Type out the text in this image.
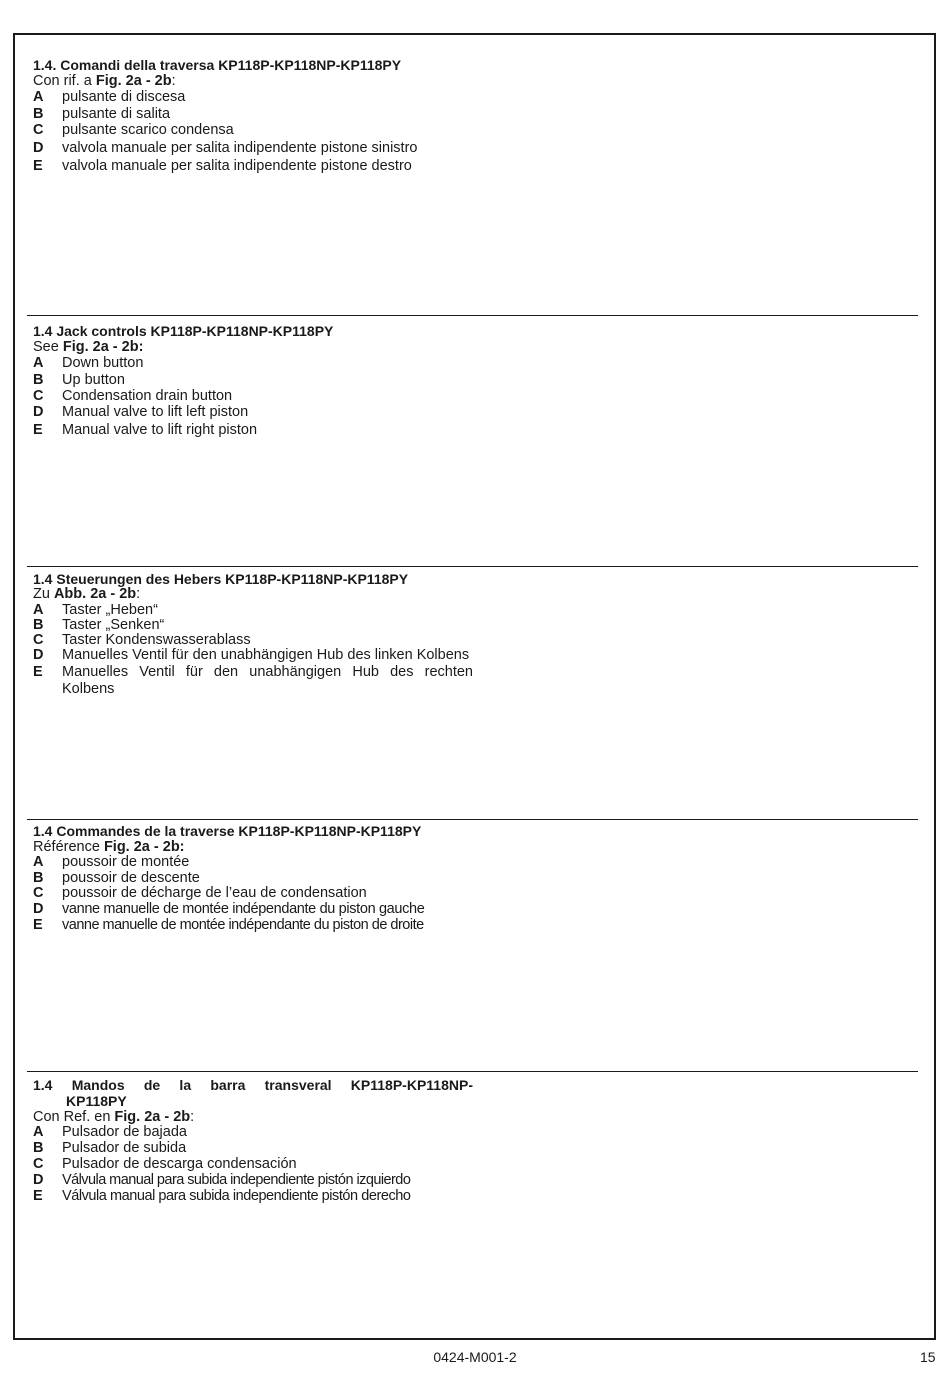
1.4. Comandi della traversa KP118P-KP118NP-KP118PY
Con rif. a Fig. 2a - 2b:
A	pulsante di discesa
B	pulsante di salita
C	pulsante scarico condensa
D	valvola manuale per salita indipendente pistone sinistro
E	valvola manuale per salita indipendente pistone destro
1.4 Jack controls KP118P-KP118NP-KP118PY
See Fig. 2a - 2b:
A	Down button
B	Up button
C	Condensation drain button
D	Manual valve to lift left piston
E	Manual valve to lift right piston
1.4 Steuerungen des Hebers KP118P-KP118NP-KP118PY
Zu Abb. 2a - 2b:
A	Taster „Heben“
B	Taster „Senken“
C	Taster Kondenswasserablass
D	Manuelles Ventil für den unabhängigen Hub des linken Kolbens
E	Manuelles Ventil für den unabhängigen Hub des rechten Kolbens
1.4 Commandes de la traverse KP118P-KP118NP-KP118PY
Référence Fig. 2a - 2b:
A	poussoir de montée
B	poussoir de descente
C	poussoir de décharge de l’eau de condensation
D	vanne manuelle de montée indépendante du piston gauche
E	vanne manuelle de montée indépendante du piston de droite
1.4 Mandos de la barra transveral KP118P-KP118NP-
KP118PY
Con Ref. en Fig. 2a - 2b:
A	Pulsador de bajada
B	Pulsador de subida
C	Pulsador de descarga condensación
D	Válvula manual para subida independiente pistón izquierdo
E	Válvula manual para subida independiente pistón derecho
0424-M001-2	15
